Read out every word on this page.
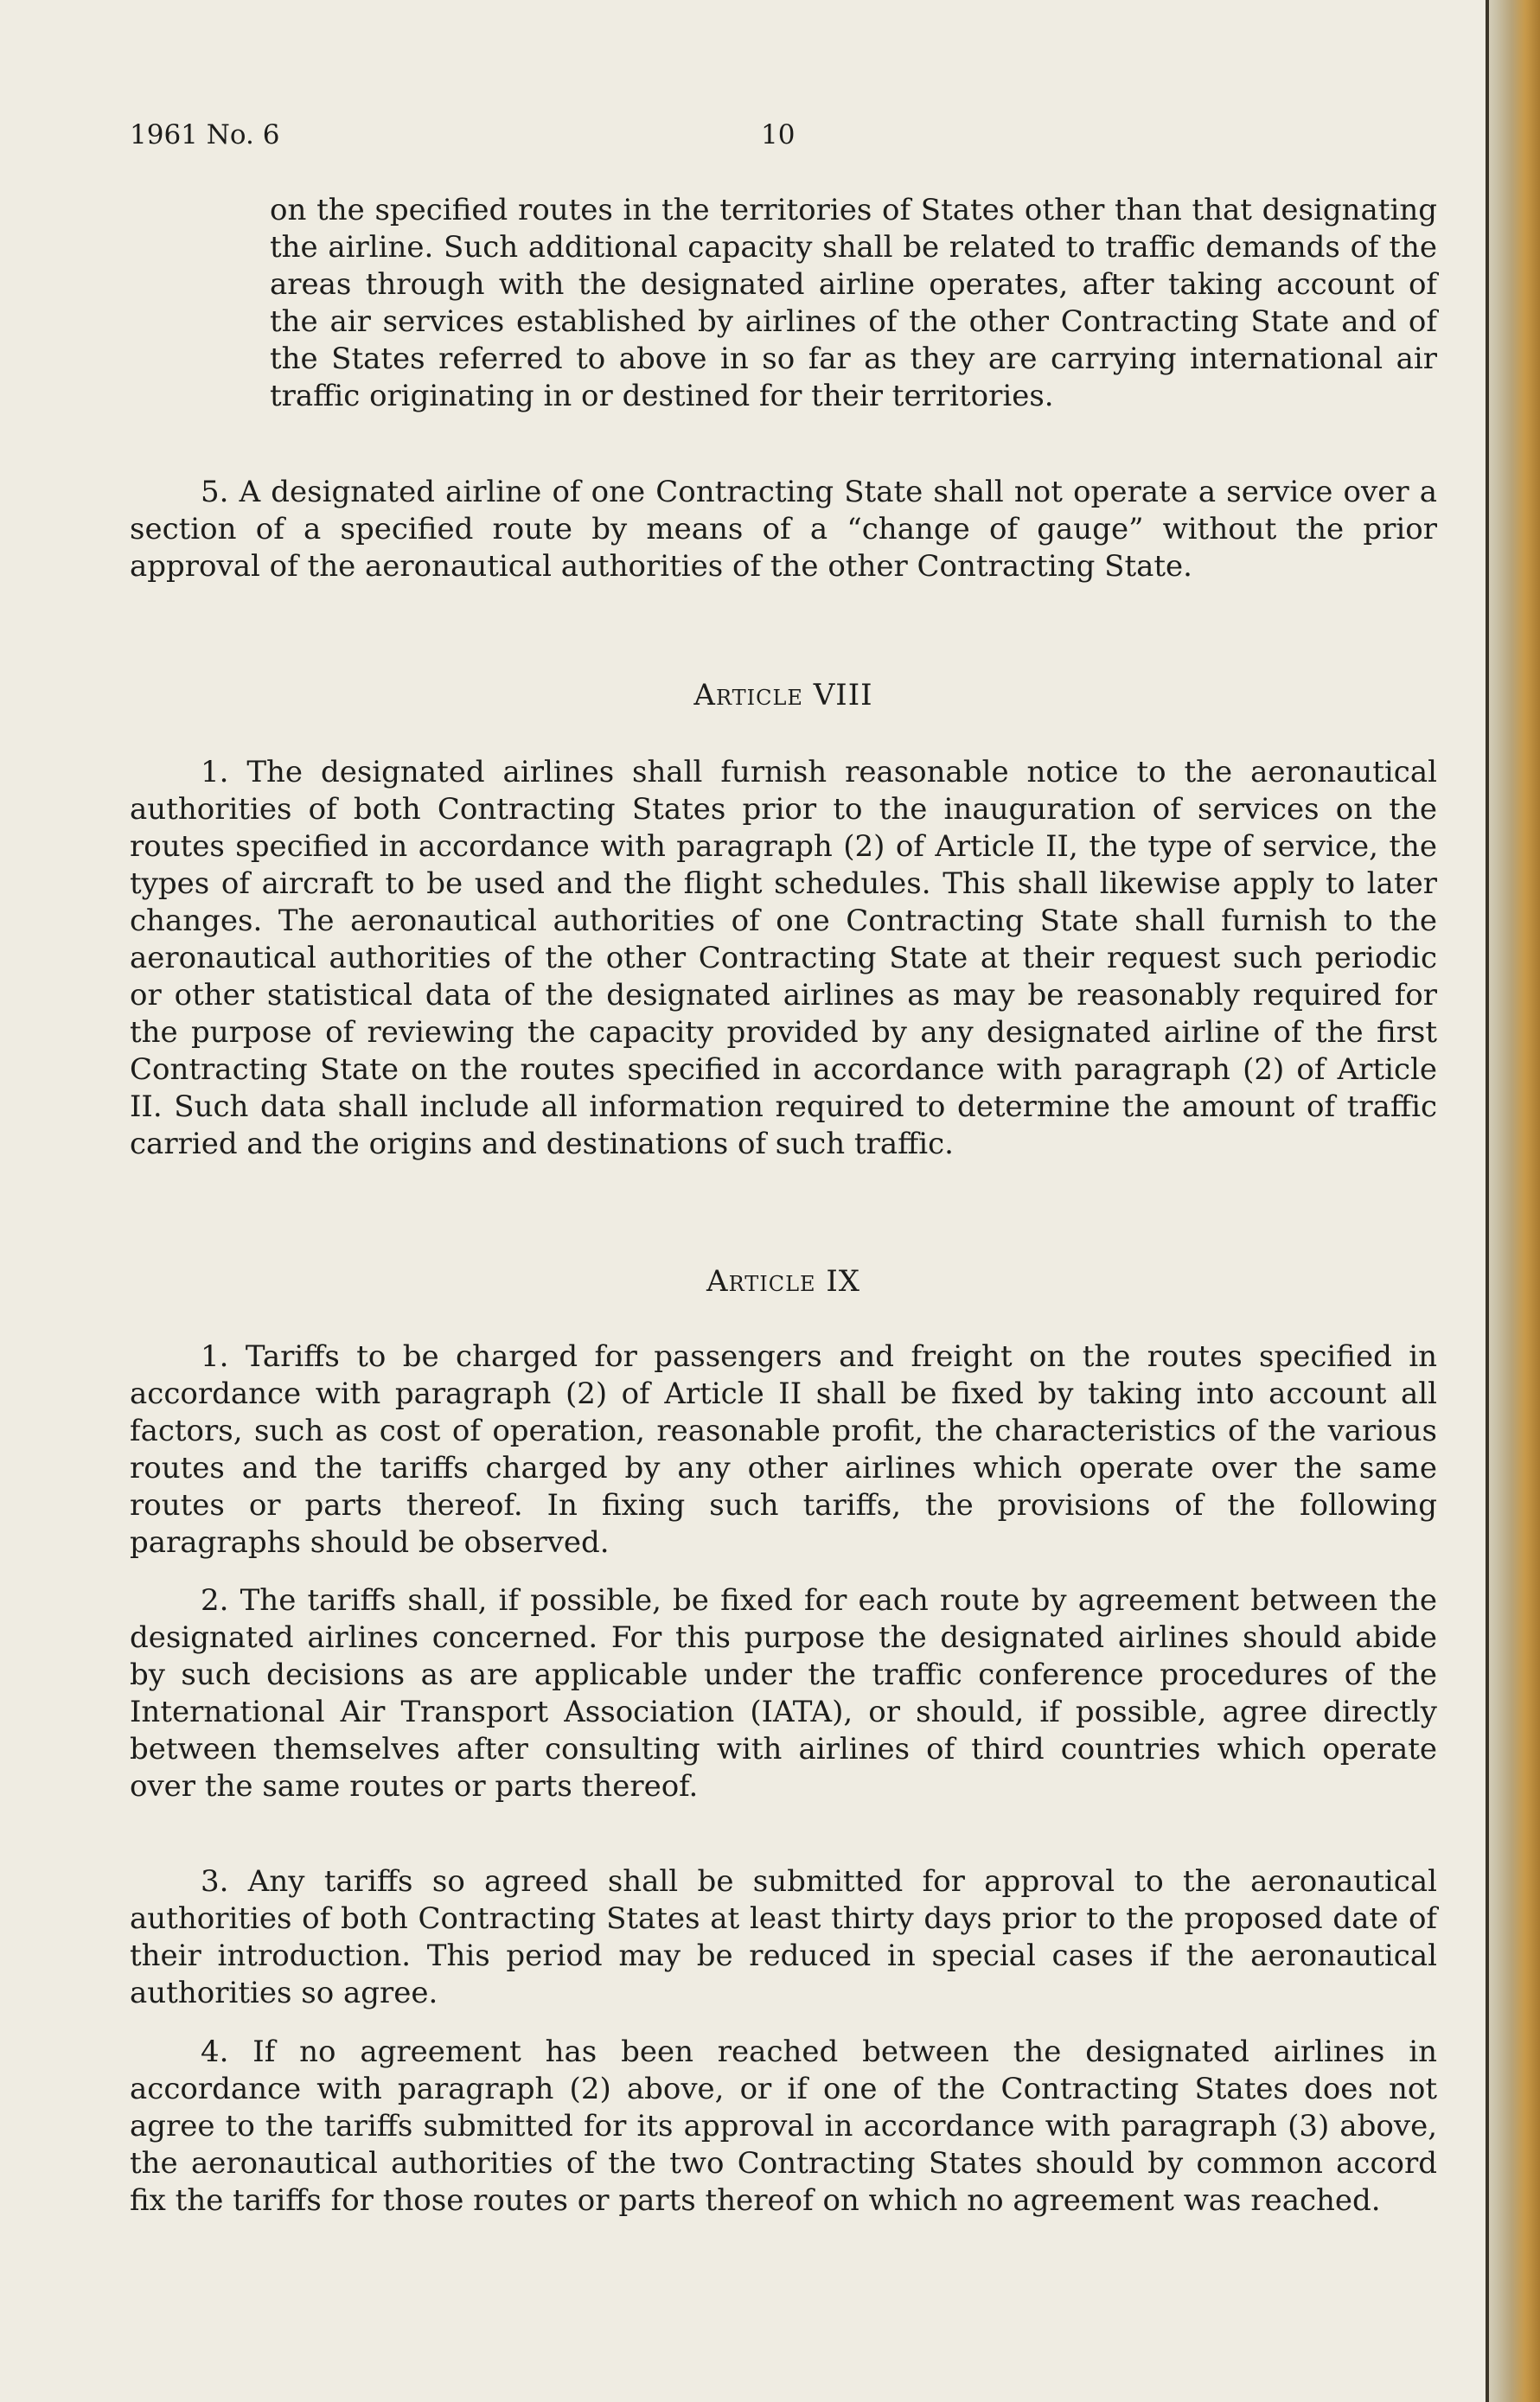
1961 No. 6	10
on the specified routes in the territories of States other than that designating the airline. Such additional capacity shall be related to traffic demands of the areas through with the designated airline operates, after taking account of the air services established by airlines of the other Contracting State and of the States referred to above in so far as they are carrying international air traffic originating in or destined for their territories.
5. A designated airline of one Contracting State shall not operate a service over a section of a specified route by means of a “change of gauge” without the prior approval of the aeronautical authorities of the other Contracting State.
Article VIII
1. The designated airlines shall furnish reasonable notice to the aeronautical authorities of both Contracting States prior to the inauguration of services on the routes specified in accordance with paragraph (2) of Article II, the type of service, the types of aircraft to be used and the flight schedules. This shall likewise apply to later changes. The aeronautical authorities of one Contracting State shall furnish to the aeronautical authorities of the other Contracting State at their request such periodic or other statistical data of the designated airlines as may be reasonably required for the purpose of reviewing the capacity provided by any designated airline of the first Contracting State on the routes specified in accordance with paragraph (2) of Article II. Such data shall include all information required to determine the amount of traffic carried and the origins and destinations of such traffic.
Article IX
1. Tariffs to be charged for passengers and freight on the routes specified in accordance with paragraph (2) of Article II shall be fixed by taking into account all factors, such as cost of operation, reasonable profit, the characteristics of the various routes and the tariffs charged by any other airlines which operate over the same routes or parts thereof. In fixing such tariffs, the provisions of the following paragraphs should be observed.
2. The tariffs shall, if possible, be fixed for each route by agreement between the designated airlines concerned. For this purpose the designated airlines should abide by such decisions as are applicable under the traffic conference procedures of the International Air Transport Association (IATA), or should, if possible, agree directly between themselves after consulting with airlines of third countries which operate over the same routes or parts thereof.
3. Any tariffs so agreed shall be submitted for approval to the aeronautical authorities of both Contracting States at least thirty days prior to the proposed date of their introduction. This period may be reduced in special cases if the aeronautical authorities so agree.
4. If no agreement has been reached between the designated airlines in accordance with paragraph (2) above, or if one of the Contracting States does not agree to the tariffs submitted for its approval in accordance with paragraph (3) above, the aeronautical authorities of the two Contracting States should by common accord fix the tariffs for those routes or parts thereof on which no agreement was reached.
